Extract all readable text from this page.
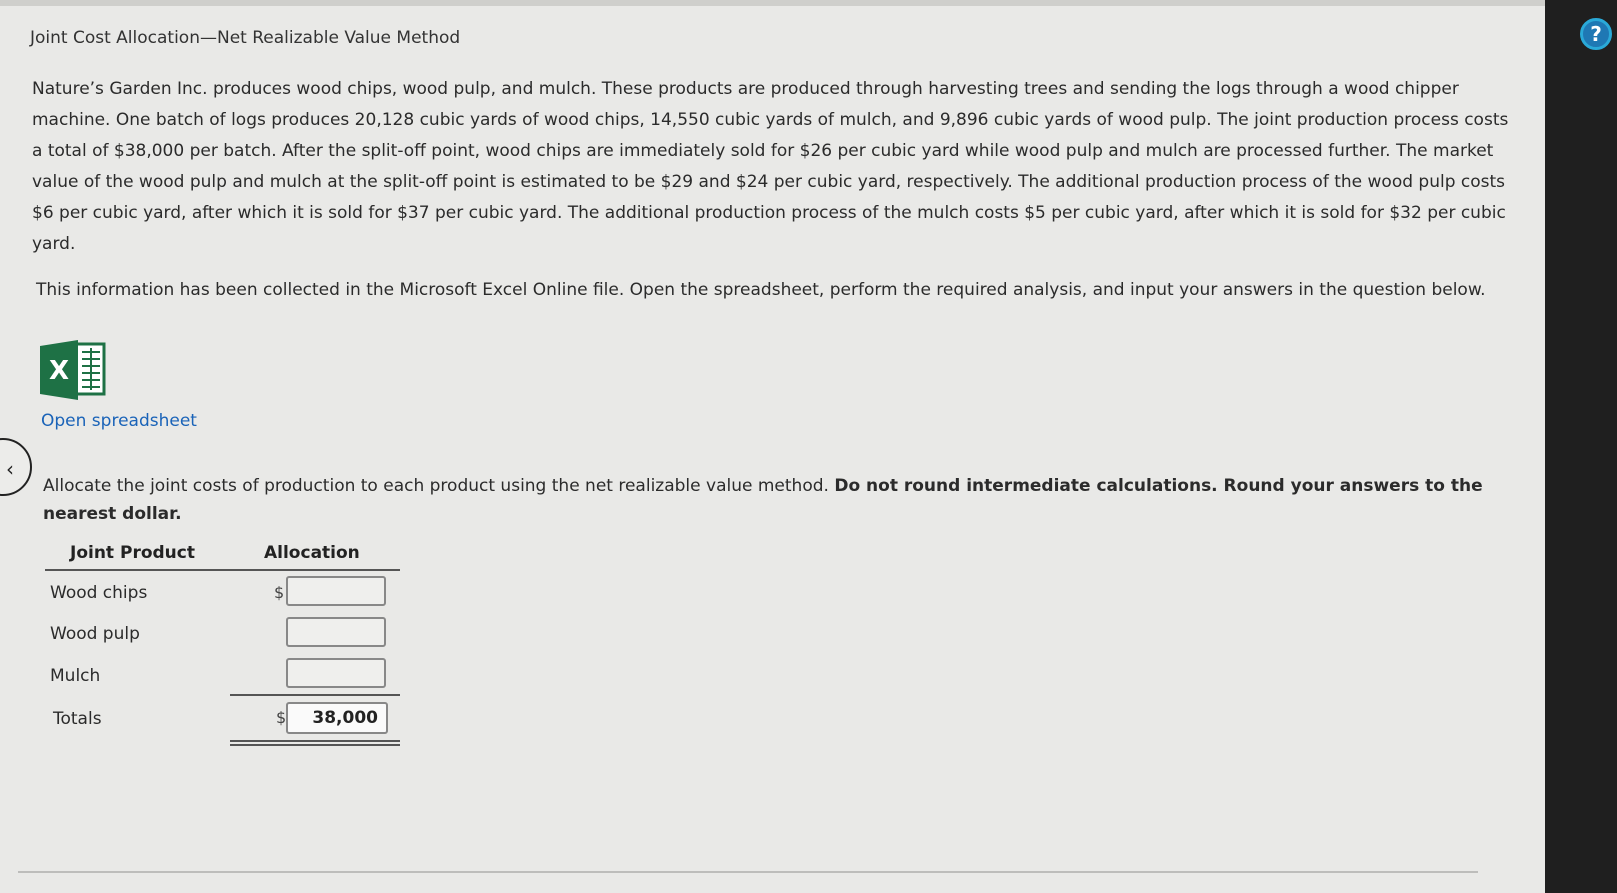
Joint Cost Allocation—Net Realizable Value Method

Nature’s Garden Inc. produces wood chips, wood pulp, and mulch. These products are produced through harvesting trees and sending the logs through a wood chipper machine. One batch of logs produces 20,128 cubic yards of wood chips, 14,550 cubic yards of mulch, and 9,896 cubic yards of wood pulp. The joint production process costs a total of $38,000 per batch. After the split-off point, wood chips are immediately sold for $26 per cubic yard while wood pulp and mulch are processed further. The market value of the wood pulp and mulch at the split-off point is estimated to be $29 and $24 per cubic yard, respectively. The additional production process of the wood pulp costs $6 per cubic yard, after which it is sold for $37 per cubic yard. The additional production process of the mulch costs $5 per cubic yard, after which it is sold for $32 per cubic yard.

This information has been collected in the Microsoft Excel Online file. Open the spreadsheet, perform the required analysis, and input your answers in the question below.
X
Open spreadsheet
‹
Allocate the joint costs of production to each product using the net realizable value method. Do not round intermediate calculations. Round your answers to the nearest dollar.
Joint Product	Allocation
Wood chips	$
Wood pulp
Mulch
Totals	$	38,000
?
